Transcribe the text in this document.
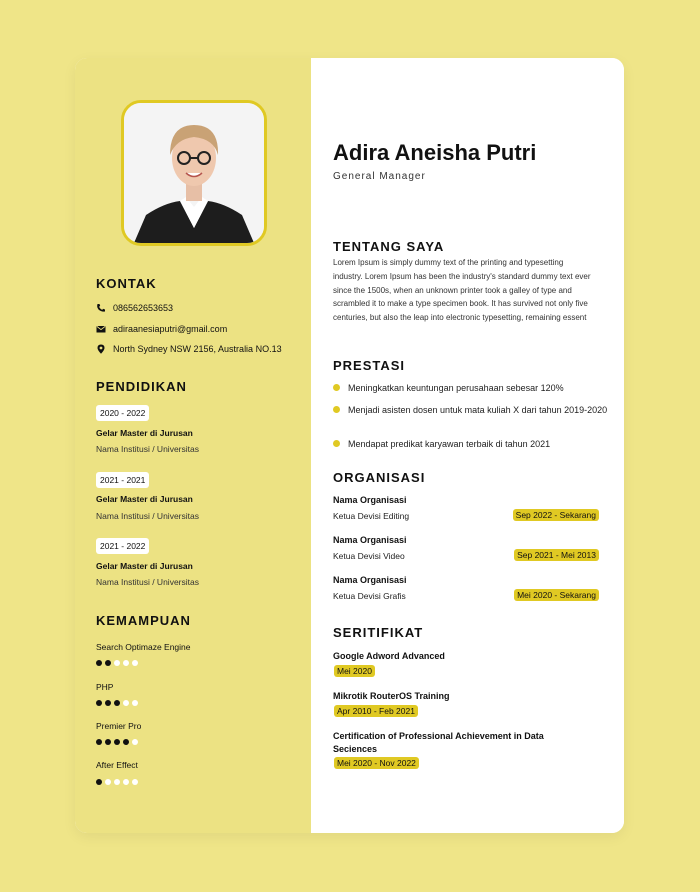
KONTAK
086562653653
adiraanesiaputri@gmail.com
North Sydney NSW 2156, Australia NO.13
PENDIDIKAN
2020 - 2022
Gelar Master di Jurusan
Nama Institusi / Universitas
2021 - 2021
Gelar Master di Jurusan
Nama Institusi / Universitas
2021 - 2022
Gelar Master di Jurusan
Nama Institusi / Universitas
KEMAMPUAN
Search Optimaze Engine
PHP
Premier Pro
After Effect
Adira Aneisha Putri
General Manager
TENTANG SAYA
Lorem Ipsum is simply dummy text of the printing and typesetting industry. Lorem Ipsum has been the industry's standard dummy text ever since the 1500s, when an unknown printer took a galley of type and scrambled it to make a type specimen book. It has survived not only five centuries, but also the leap into electronic typesetting, remaining essent
PRESTASI
Meningkatkan keuntungan perusahaan sebesar 120%
Menjadi asisten dosen untuk mata kuliah X dari tahun 2019-2020
Mendapat predikat karyawan terbaik di tahun 2021
ORGANISASI
Nama Organisasi
Ketua Devisi Editing	Sep 2022 - Sekarang
Nama Organisasi
Ketua Devisi Video	Sep 2021 - Mei 2013
Nama Organisasi
Ketua Devisi Grafis	Mei 2020 - Sekarang
SERITIFIKAT
Google Adword Advanced
Mei 2020
Mikrotik RouterOS Training
Apr 2010 - Feb 2021
Certification of Professional Achievement in Data Seciences
Mei 2020 - Nov 2022
